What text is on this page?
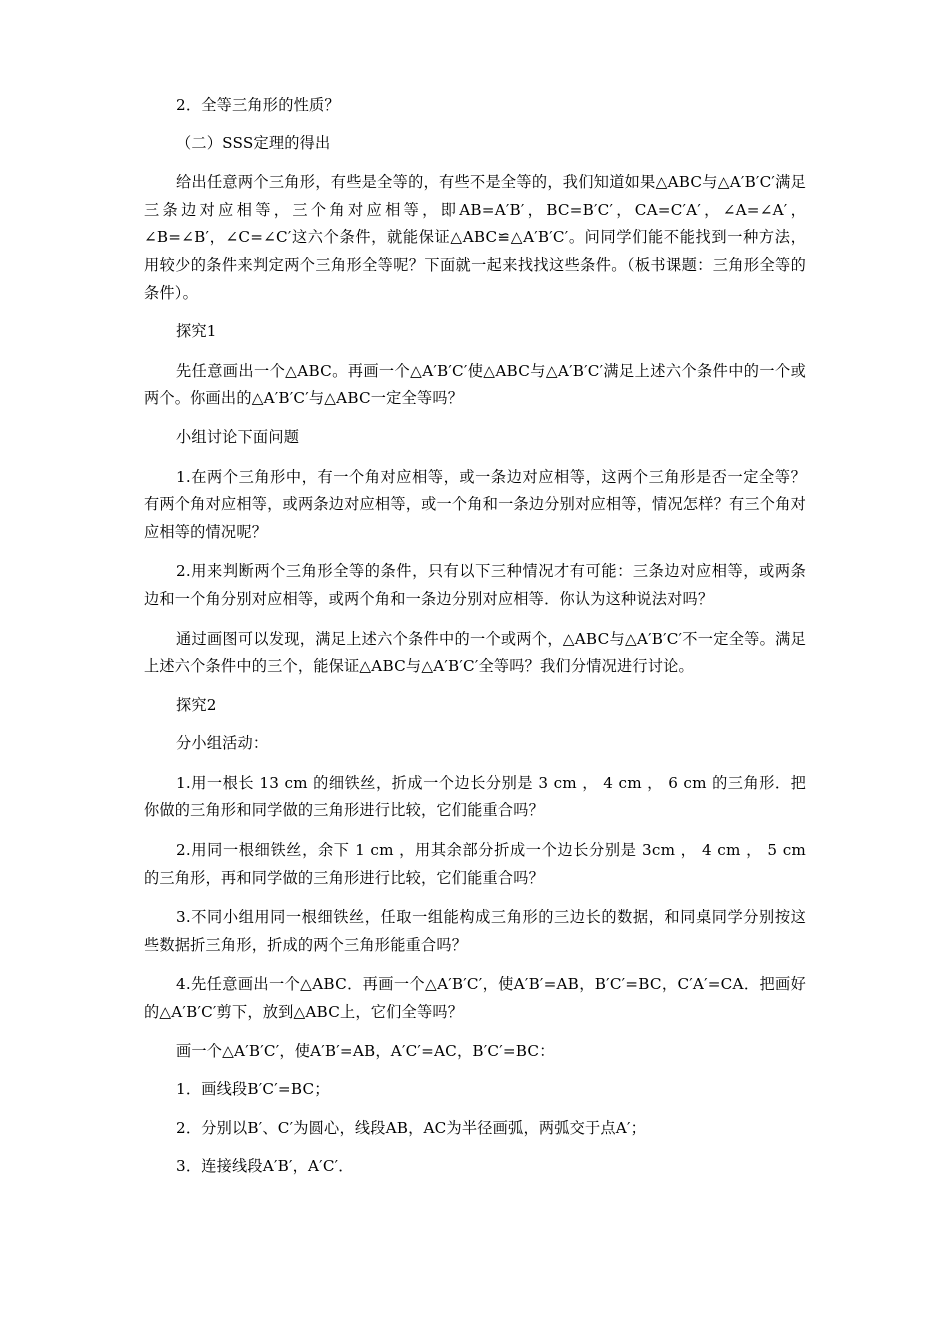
2．全等三角形的性质？

（二）SSS定理的得出

给出任意两个三角形，有些是全等的，有些不是全等的，我们知道如果△ABC与△A′B′C′满足三条边对应相等，三个角对应相等，即AB=A′B′，BC=B′C′，CA=C′A′，∠A=∠A′，∠B=∠B′，∠C=∠C′这六个条件，就能保证△ABC≌△A′B′C′。问同学们能不能找到一种方法，用较少的条件来判定两个三角形全等呢？下面就一起来找找这些条件。（板书课题：三角形全等的条件）。

探究1

先任意画出一个△ABC。再画一个△A′B′C′使△ABC与△A′B′C′满足上述六个条件中的一个或两个。你画出的△A′B′C′与△ABC一定全等吗？

小组讨论下面问题

1.在两个三角形中，有一个角对应相等，或一条边对应相等，这两个三角形是否一定全等？有两个角对应相等，或两条边对应相等，或一个角和一条边分别对应相等，情况怎样？有三个角对应相等的情况呢？

2.用来判断两个三角形全等的条件，只有以下三种情况才有可能：三条边对应相等，或两条边和一个角分别对应相等，或两个角和一条边分别对应相等．你认为这种说法对吗？

通过画图可以发现，满足上述六个条件中的一个或两个，△ABC与△A′B′C′不一定全等。满足上述六个条件中的三个，能保证△ABC与△A′B′C′全等吗？我们分情况进行讨论。

探究2

分小组活动：

1.用一根长 13 cm 的细铁丝，折成一个边长分别是 3 cm ， 4 cm ， 6 cm 的三角形．把你做的三角形和同学做的三角形进行比较，它们能重合吗？

2.用同一根细铁丝，余下 1 cm ，用其余部分折成一个边长分别是 3cm ， 4 cm ， 5 cm 的三角形，再和同学做的三角形进行比较，它们能重合吗？

3.不同小组用同一根细铁丝，任取一组能构成三角形的三边长的数据，和同桌同学分别按这些数据折三角形，折成的两个三角形能重合吗？

4.先任意画出一个△ABC．再画一个△A′B′C′，使A′B′=AB，B′C′=BC，C′A′=CA．把画好的△A′B′C′剪下，放到△ABC上，它们全等吗？

画一个△A′B′C′，使A′B′=AB，A′C′=AC，B′C′=BC：

1．画线段B′C′=BC；

2．分别以B′、C′为圆心，线段AB，AC为半径画弧，两弧交于点A′；

3．连接线段A′B′，A′C′．
